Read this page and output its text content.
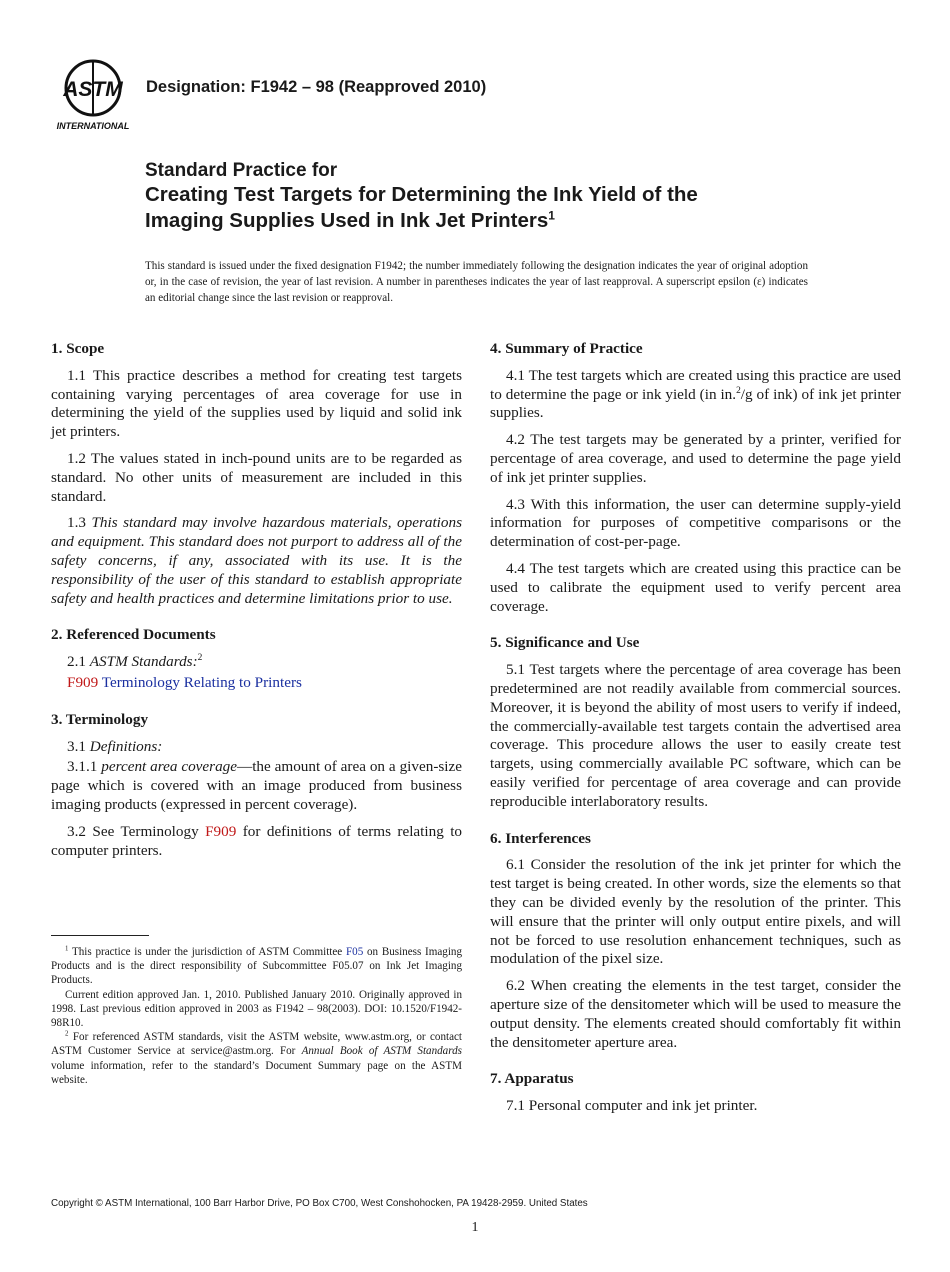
ASTM
INTERNATIONAL
Designation: F1942 – 98 (Reapproved 2010)
Standard Practice for
Creating Test Targets for Determining the Ink Yield of the
Imaging Supplies Used in Ink Jet Printers$^1$
This standard is issued under the fixed designation F1942; the number immediately following the designation indicates the year of original adoption or, in the case of revision, the year of last revision. A number in parentheses indicates the year of last reapproval. A superscript epsilon (ε) indicates an editorial change since the last revision or reapproval.
1. Scope

1.1 This practice describes a method for creating test targets containing varying percentages of area coverage for use in determining the yield of the supplies used by liquid and solid ink jet printers.

1.2 The values stated in inch-pound units are to be regarded as standard. No other units of measurement are included in this standard.

1.3 This standard may involve hazardous materials, operations and equipment. This standard does not purport to address all of the safety concerns, if any, associated with its use. It is the responsibility of the user of this standard to establish appropriate safety and health practices and determine limitations prior to use.

2. Referenced Documents

2.1 ASTM Standards:$^2$

F909 Terminology Relating to Printers
3. Terminology

3.1 Definitions:

3.1.1 percent area coverage—the amount of area on a given-size page which is covered with an image produced from business imaging products (expressed in percent coverage).

3.2 See Terminology F909 for definitions of terms relating to computer printers.

$^1$ This practice is under the jurisdiction of ASTM Committee F05 on Business Imaging Products and is the direct responsibility of Subcommittee F05.07 on Ink Jet Imaging Products.

Current edition approved Jan. 1, 2010. Published January 2010. Originally approved in 1998. Last previous edition approved in 2003 as F1942 – 98(2003). DOI: 10.1520/F1942-98R10.

$^2$ For referenced ASTM standards, visit the ASTM website, www.astm.org, or contact ASTM Customer Service at service@astm.org. For Annual Book of ASTM Standards volume information, refer to the standard’s Document Summary page on the ASTM website.

4. Summary of Practice

4.1 The test targets which are created using this practice are used to determine the page or ink yield (in in.$^2$/g of ink) of ink jet printer supplies.

4.2 The test targets may be generated by a printer, verified for percentage of area coverage, and used to determine the page yield of ink jet printer supplies.

4.3 With this information, the user can determine supply-yield information for purposes of competitive comparisons or the determination of cost-per-page.

4.4 The test targets which are created using this practice can be used to calibrate the equipment used to verify percent area coverage.

5. Significance and Use

5.1 Test targets where the percentage of area coverage has been predetermined are not readily available from commercial sources. Moreover, it is beyond the ability of most users to verify if indeed, the commercially-available test targets contain the advertised area coverage. This procedure allows the user to easily create test targets, using commercially available PC software, which can be easily verified for percentage of area coverage and can provide reproducible interlaboratory results.

6. Interferences

6.1 Consider the resolution of the ink jet printer for which the test target is being created. In other words, size the elements so that they can be divided evenly by the resolution of the printer. This will ensure that the printer will only output entire pixels, and will not be forced to use resolution enhancement techniques, such as modulation of the pixel size.

6.2 When creating the elements in the test target, consider the aperture size of the densitometer which will be used to measure the output density. The elements created should comfortably fit within the densitometer aperture area.

7. Apparatus

7.1 Personal computer and ink jet printer.

Copyright © ASTM International, 100 Barr Harbor Drive, PO Box C700, West Conshohocken, PA 19428-2959. United States
1
